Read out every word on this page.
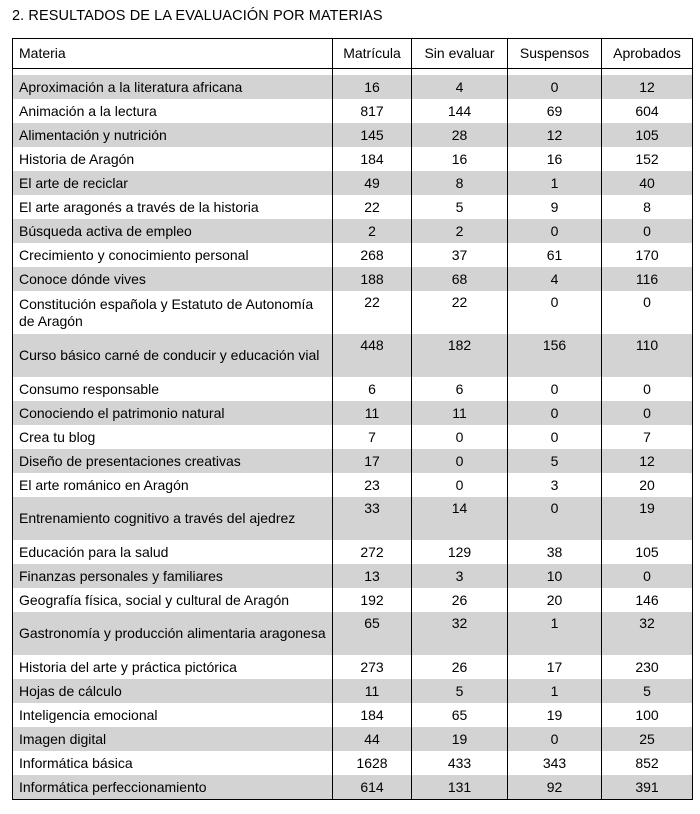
2. RESULTADOS DE LA EVALUACIÓN POR MATERIAS
Materia	Matrícula	Sin evaluar	Suspensos	Aprobados

Aproximación a la literatura africana	16	4	0	12
Animación a la lectura	817	144	69	604
Alimentación y nutrición	145	28	12	105
Historia de Aragón	184	16	16	152
El arte de reciclar	49	8	1	40
El arte aragonés a través de la historia	22	5	9	8
Búsqueda activa de empleo	2	2	0	0
Crecimiento y conocimiento personal	268	37	61	170
Conoce dónde vives	188	68	4	116
Constitución española y Estatuto de Autonomía de Aragón	22	22	0	0
Curso básico carné de conducir y educación vial	448	182	156	110
Consumo responsable	6	6	0	0
Conociendo el patrimonio natural	11	11	0	0
Crea tu blog	7	0	0	7
Diseño de presentaciones creativas	17	0	5	12
El arte románico en Aragón	23	0	3	20
Entrenamiento cognitivo a través del ajedrez	33	14	0	19
Educación para la salud	272	129	38	105
Finanzas personales y familiares	13	3	10	0
Geografía física, social y cultural de Aragón	192	26	20	146
Gastronomía y producción alimentaria aragonesa	65	32	1	32
Historia del arte y práctica pictórica	273	26	17	230
Hojas de cálculo	11	5	1	5
Inteligencia emocional	184	65	19	100
Imagen digital	44	19	0	25
Informática básica	1628	433	343	852
Informática perfeccionamiento	614	131	92	391
